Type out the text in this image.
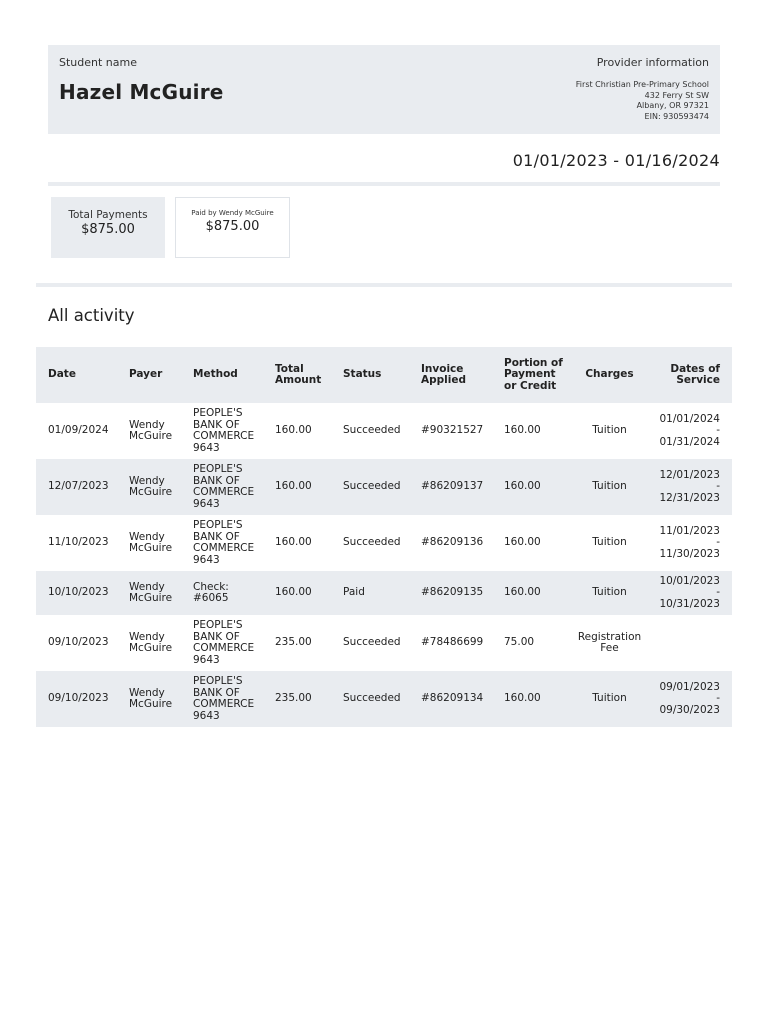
Student name
Hazel McGuire
Provider information
First Christian Pre-Primary School
432 Ferry St SW
Albany, OR 97321
EIN: 930593474
01/01/2023 - 01/16/2024
Total Payments
$875.00
Paid by Wendy McGuire
$875.00
All activity
Date	Payer	Method	Total Amount	Status	Invoice Applied	Portion of Payment or Credit	Charges	Dates of Service
01/09/2024	Wendy McGuire	PEOPLE'S BANK OF COMMERCE 9643	160.00	Succeeded	#90321527	160.00	Tuition	01/01/2024
-
01/31/2024

12/07/2023	Wendy McGuire	PEOPLE'S BANK OF COMMERCE 9643	160.00	Succeeded	#86209137	160.00	Tuition	12/01/2023
-
12/31/2023

11/10/2023	Wendy McGuire	PEOPLE'S BANK OF COMMERCE 9643	160.00	Succeeded	#86209136	160.00	Tuition	11/01/2023
-
11/30/2023

10/10/2023	Wendy McGuire	Check: #6065	160.00	Paid	#86209135	160.00	Tuition	10/01/2023
-
10/31/2023

09/10/2023	Wendy McGuire	PEOPLE'S BANK OF COMMERCE 9643	235.00	Succeeded	#78486699	75.00	Registration Fee	

09/10/2023	Wendy McGuire	PEOPLE'S BANK OF COMMERCE 9643	235.00	Succeeded	#86209134	160.00	Tuition	09/01/2023
-
09/30/2023
